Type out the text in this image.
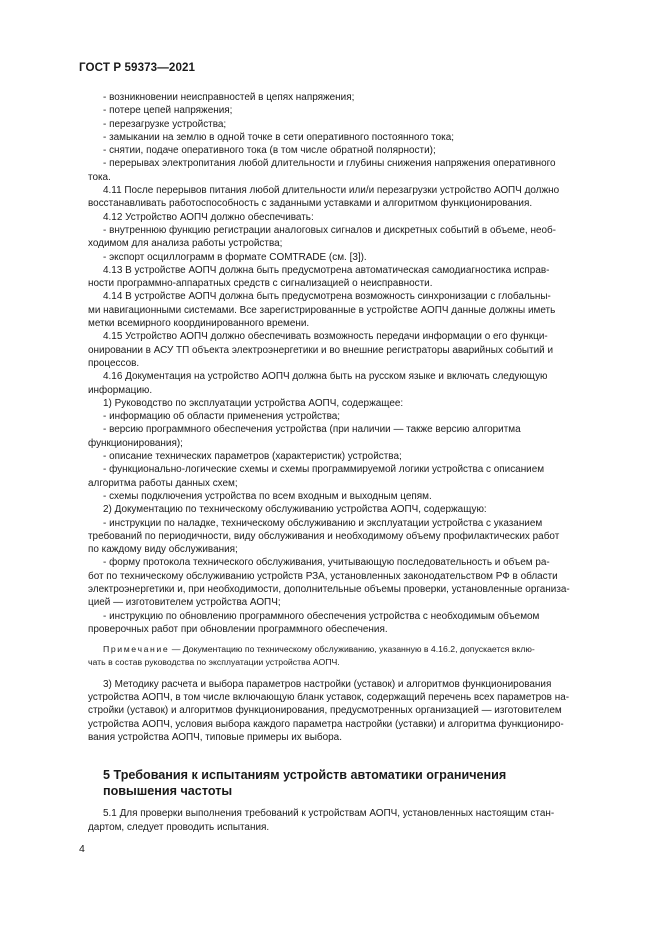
ГОСТ Р 59373—2021

- возникновении неисправностей в цепях напряжения;

- потере цепей напряжения;

- перезагрузке устройства;

- замыкании на землю в одной точке в сети оперативного постоянного тока;

- снятии, подаче оперативного тока (в том числе обратной полярности);

- перерывах электропитания любой длительности и глубины снижения напряжения оперативного
тока.

4.11 После перерывов питания любой длительности или/и перезагрузки устройство АОПЧ должно
восстанавливать работоспособность с заданными уставками и алгоритмом функционирования.

4.12 Устройство АОПЧ должно обеспечивать:

- внутреннюю функцию регистрации аналоговых сигналов и дискретных событий в объеме, необ-
ходимом для анализа работы устройства;

- экспорт осциллограмм в формате COMTRADE (см. [3]).

4.13 В устройстве АОПЧ должна быть предусмотрена автоматическая самодиагностика исправ-
ности программно-аппаратных средств с сигнализацией о неисправности.

4.14 В устройстве АОПЧ должна быть предусмотрена возможность синхронизации с глобальны-
ми навигационными системами. Все зарегистрированные в устройстве АОПЧ данные должны иметь
метки всемирного координированного времени.

4.15 Устройство АОПЧ должно обеспечивать возможность передачи информации о его функци-
онировании в АСУ ТП объекта электроэнергетики и во внешние регистраторы аварийных событий и
процессов.

4.16 Документация на устройство АОПЧ должна быть на русском языке и включать следующую
информацию.

1) Руководство по эксплуатации устройства АОПЧ, содержащее:

- информацию об области применения устройства;

- версию программного обеспечения устройства (при наличии — также версию алгоритма
функционирования);

- описание технических параметров (характеристик) устройства;

- функционально-логические схемы и схемы программируемой логики устройства с описанием
алгоритма работы данных схем;

- схемы подключения устройства по всем входным и выходным цепям.

2) Документацию по техническому обслуживанию устройства АОПЧ, содержащую:

- инструкции по наладке, техническому обслуживанию и эксплуатации устройства с указанием
требований по периодичности, виду обслуживания и необходимому объему профилактических работ
по каждому виду обслуживания;

- форму протокола технического обслуживания, учитывающую последовательность и объем ра-
бот по техническому обслуживанию устройств РЗА, установленных законодательством РФ в области
электроэнергетики и, при необходимости, дополнительные объемы проверки, установленные организа-
цией — изготовителем устройства АОПЧ;

- инструкцию по обновлению программного обеспечения устройства с необходимым объемом
проверочных работ при обновлении программного обеспечения.

Примечание — Документацию по техническому обслуживанию, указанную в 4.16.2, допускается вклю-
чать в состав руководства по эксплуатации устройства АОПЧ.

3) Методику расчета и выбора параметров настройки (уставок) и алгоритмов функционирования
устройства АОПЧ, в том числе включающую бланк уставок, содержащий перечень всех параметров на-
стройки (уставок) и алгоритмов функционирования, предусмотренных организацией — изготовителем
устройства АОПЧ, условия выбора каждого параметра настройки (уставки) и алгоритма функциониро-
вания устройства АОПЧ, типовые примеры их выбора.

5 Требования к испытаниям устройств автоматики ограничения
повышения частоты

5.1 Для проверки выполнения требований к устройствам АОПЧ, установленных настоящим стан-
дартом, следует проводить испытания.

4
